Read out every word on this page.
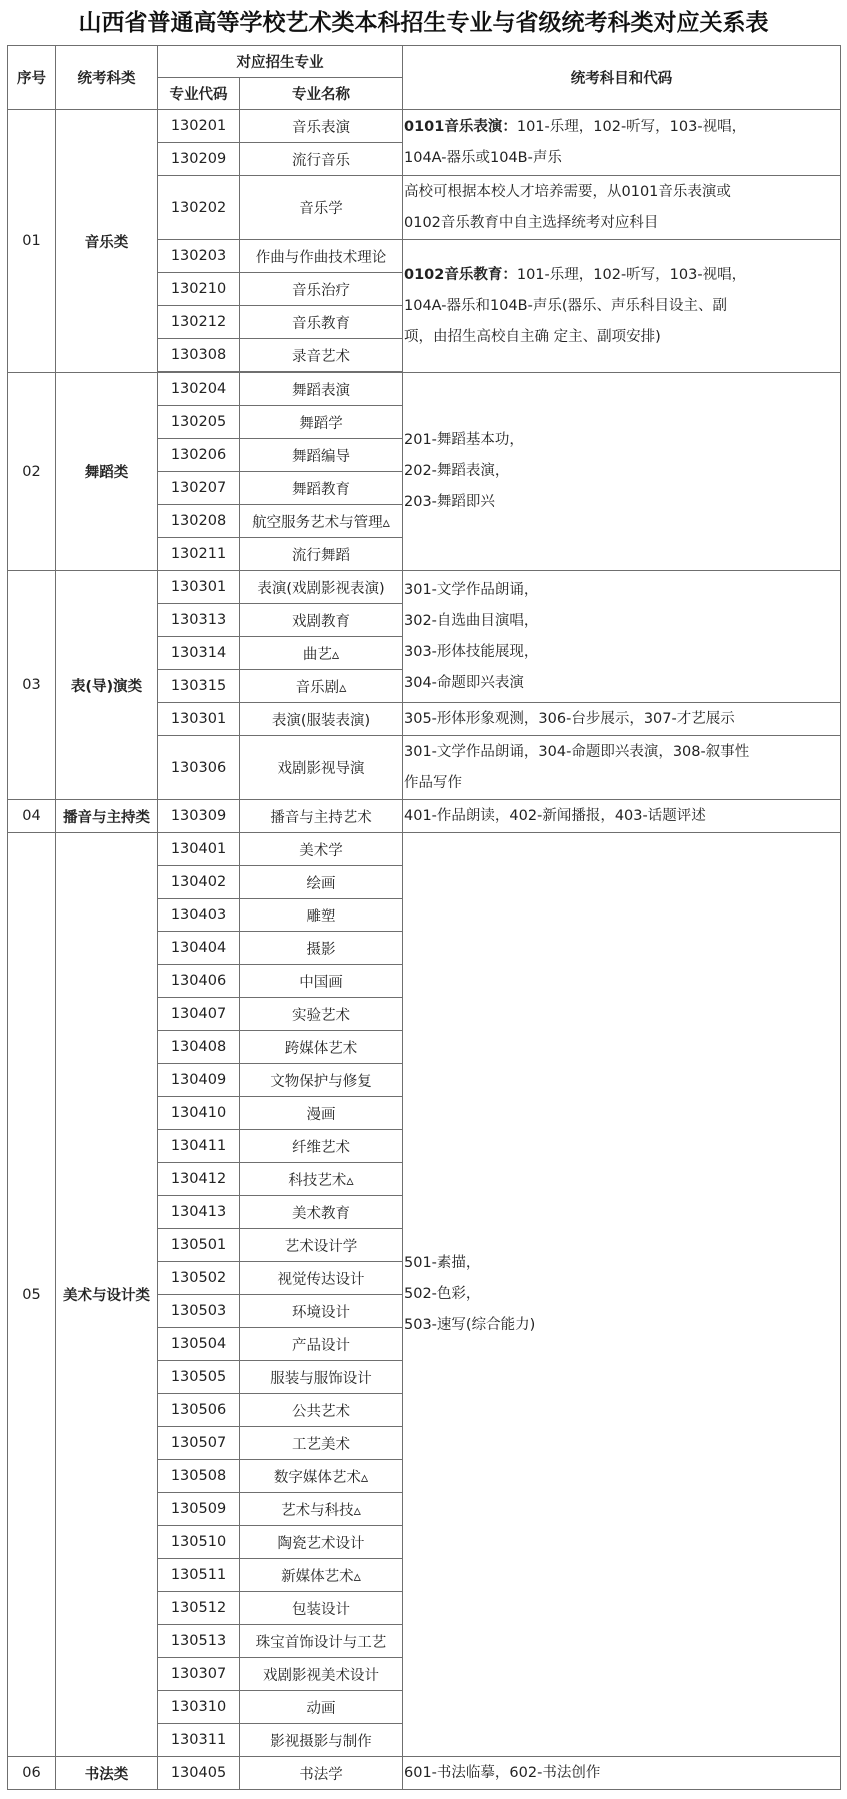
山西省普通高等学校艺术类本科招生专业与省级统考科类对应关系表
序号	统考科类	对应招生专业		统考科目和代码
		专业代码	专业名称	
01	音乐类	130201	音乐表演	0101音乐表演：101-乐理，102-听写，103-视唱，
104A-器乐或104B-声乐

		130209	流行音乐	
		130202	音乐学	高校可根据本校人才培养需要，从0101音乐表演或
0102音乐教育中自主选择统考对应科目

		130203	作曲与作曲技术理论	0102音乐教育：101-乐理，102-听写，103-视唱，
104A-器乐和104B-声乐(器乐、声乐科目设主、副
项，由招生高校自主确 定主、副项安排)

		130210	音乐治疗	
		130212	音乐教育	
		130308	录音艺术	

02	舞蹈类	130204	舞蹈表演	201-舞蹈基本功，
202-舞蹈表演，
203-舞蹈即兴

		130205	舞蹈学	
		130206	舞蹈编导	
		130207	舞蹈教育	
		130208	航空服务艺术与管理▵	
		130211	流行舞蹈	
03	表(导)演类	130301	表演(戏剧影视表演)	301-文学作品朗诵，
302-自选曲目演唱，
303-形体技能展现，
304-命题即兴表演

		130313	戏剧教育	
		130314	曲艺▵	
		130315	音乐剧▵	
		130301	表演(服装表演)	305-形体形象观测，306-台步展示，307-才艺展示

		130306	戏剧影视导演	301-文学作品朗诵，304-命题即兴表演，308-叙事性
作品写作

04	播音与主持类	130309	播音与主持艺术	401-作品朗读，402-新闻播报，403-话题评述

05	美术与设计类	130401	美术学	501-素描，
502-色彩，
503-速写(综合能力)

		130402	绘画	
		130403	雕塑	
		130404	摄影	
		130406	中国画	
		130407	实验艺术	
		130408	跨媒体艺术	
		130409	文物保护与修复	
		130410	漫画	
		130411	纤维艺术	
		130412	科技艺术▵	
		130413	美术教育	
		130501	艺术设计学	
		130502	视觉传达设计	
		130503	环境设计	
		130504	产品设计	
		130505	服装与服饰设计	
		130506	公共艺术	
		130507	工艺美术	
		130508	数字媒体艺术▵	
		130509	艺术与科技▵	
		130510	陶瓷艺术设计	
		130511	新媒体艺术▵	
		130512	包装设计	
		130513	珠宝首饰设计与工艺	
		130307	戏剧影视美术设计	
		130310	动画	
		130311	影视摄影与制作	
06	书法类	130405	书法学	601-书法临摹，602-书法创作
